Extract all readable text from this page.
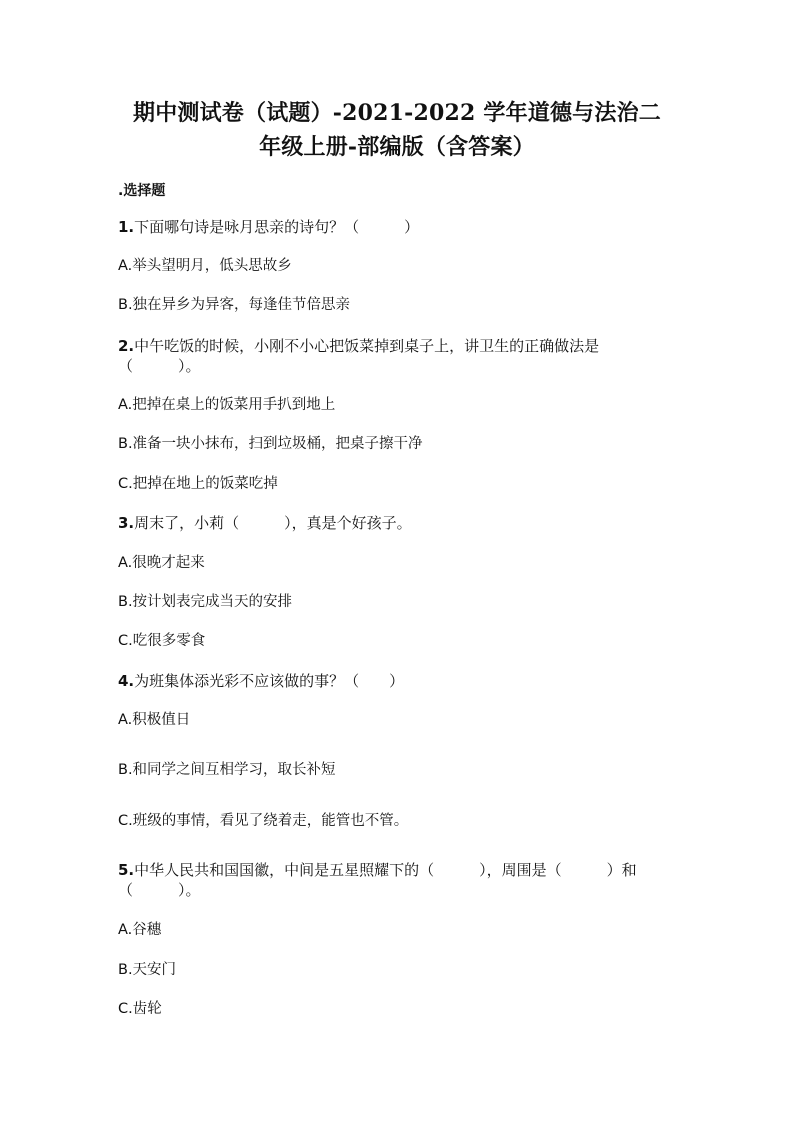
期中测试卷（试题）-2021-2022 学年道德与法治二
年级上册-部编版（含答案）
.选择题
1.下面哪句诗是咏月思亲的诗句？（　　　）
A.举头望明月，低头思故乡
B.独在异乡为异客，每逢佳节倍思亲
2.中午吃饭的时候，小刚不小心把饭菜掉到桌子上，讲卫生的正确做法是（　　　）。
A.把掉在桌上的饭菜用手扒到地上
B.准备一块小抹布，扫到垃圾桶，把桌子擦干净
C.把掉在地上的饭菜吃掉
3.周末了，小莉（　　　），真是个好孩子。
A.很晚才起来
B.按计划表完成当天的安排
C.吃很多零食
4.为班集体添光彩不应该做的事？（　　）
A.积极值日
B.和同学之间互相学习，取长补短
C.班级的事情，看见了绕着走，能管也不管。
5.中华人民共和国国徽，中间是五星照耀下的（　　　），周围是（　　　）和（　　　）。
A.谷穗
B.天安门
C.齿轮
